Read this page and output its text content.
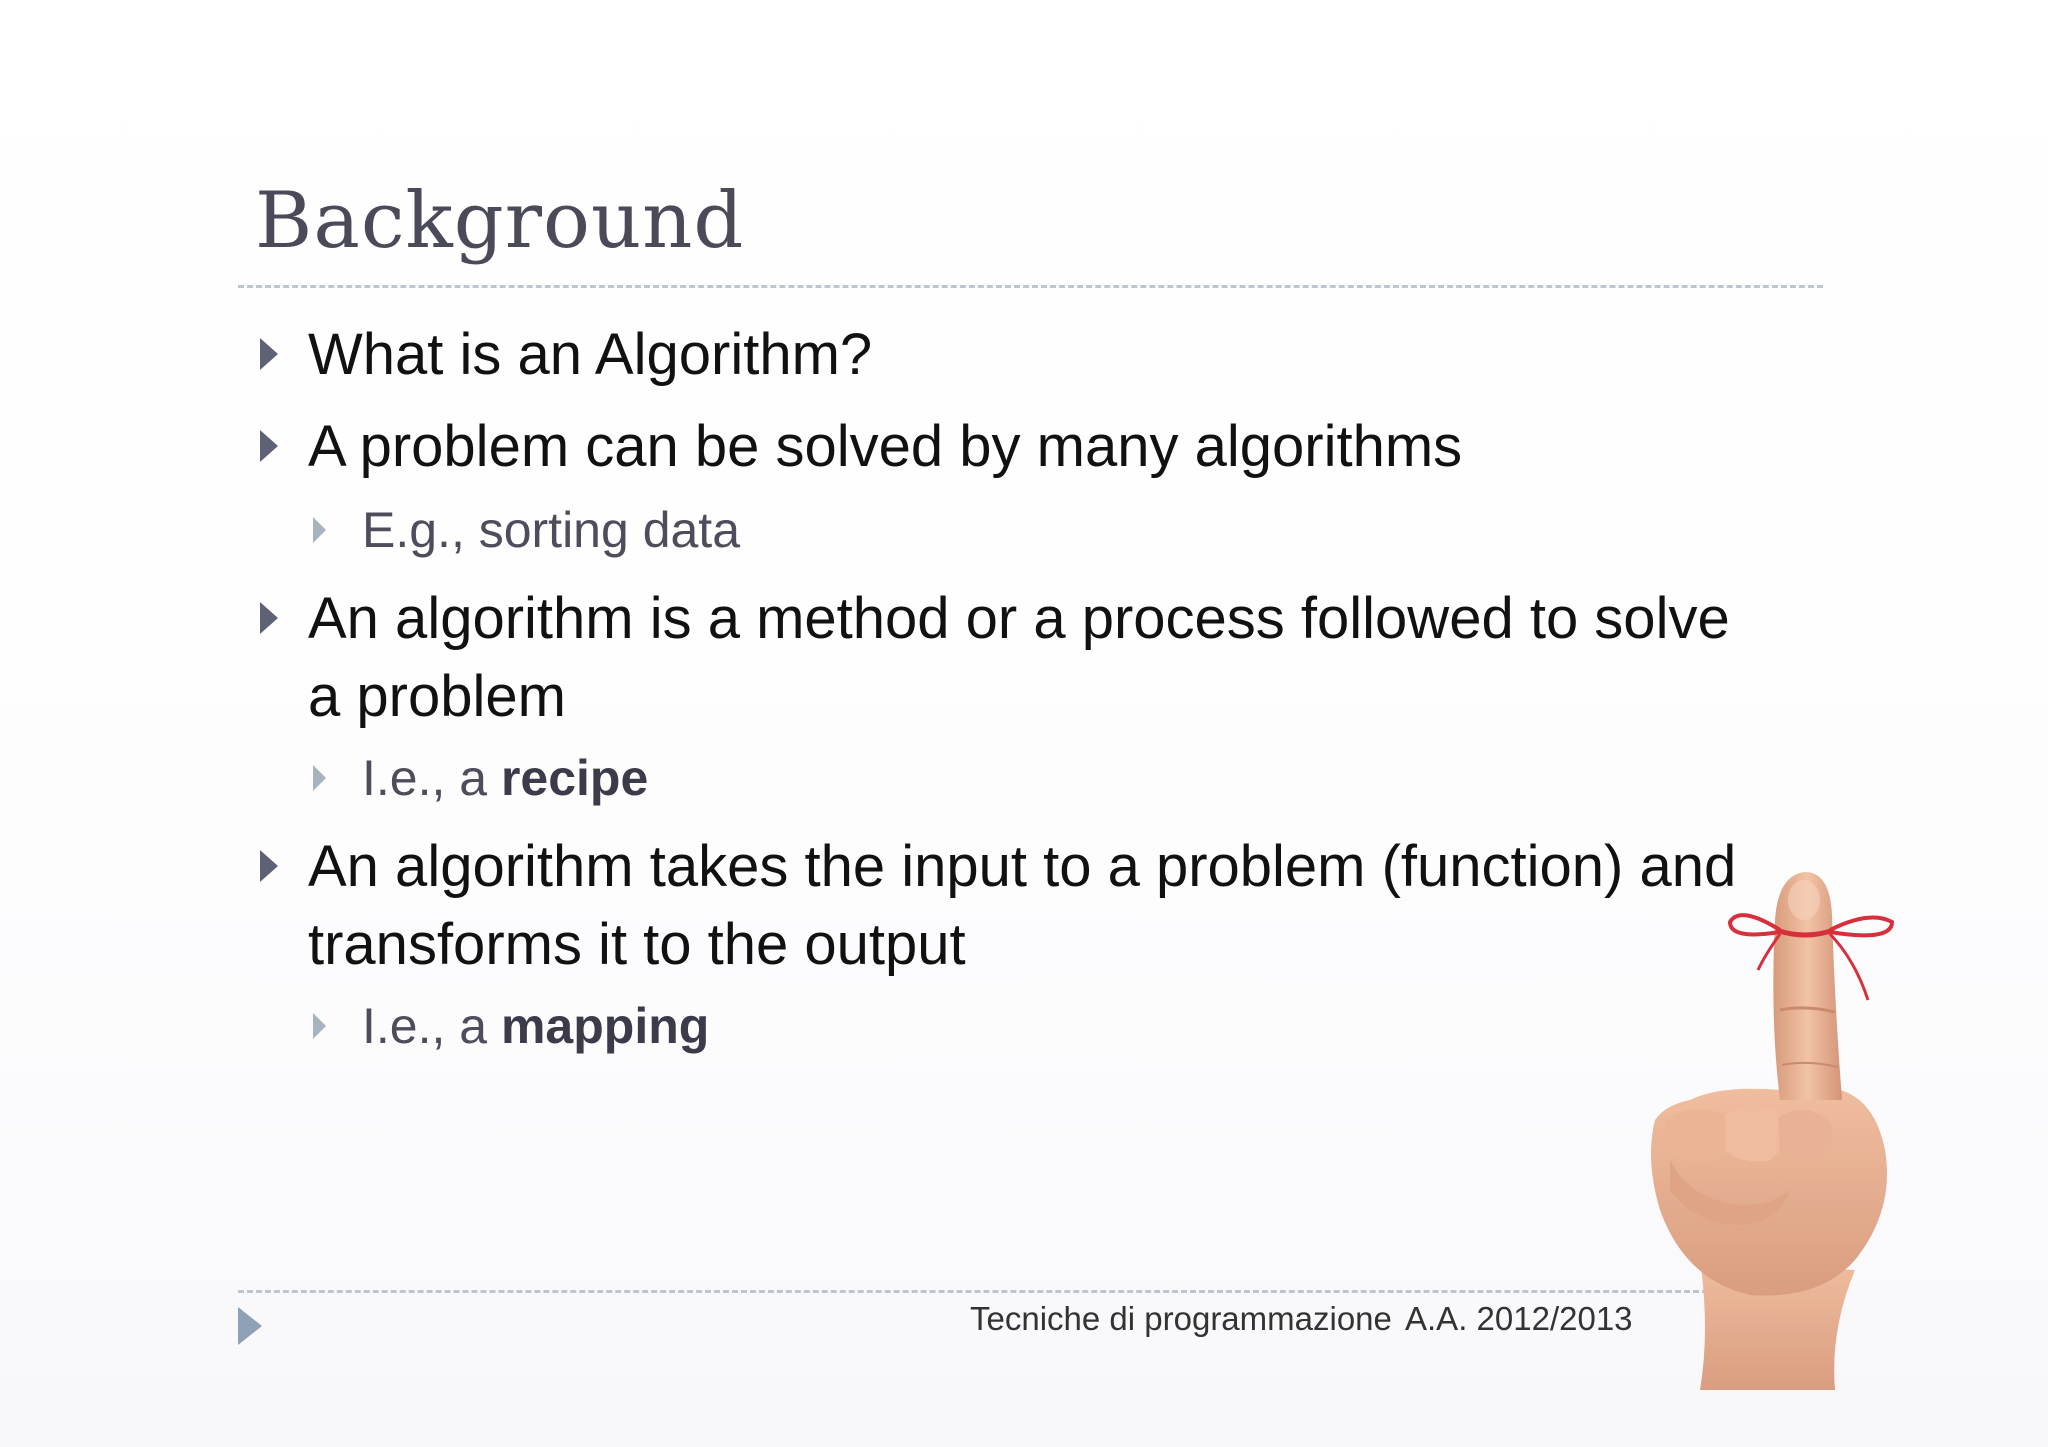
Background
What is an Algorithm?
A problem can be solved by many algorithms
E.g., sorting data
An algorithm is a method or a process followed to solve
a problem
I.e., a recipe
An algorithm takes the input to a problem (function) and
transforms it to the output
I.e., a mapping
Tecniche di programmazione A.A. 2012/2013
